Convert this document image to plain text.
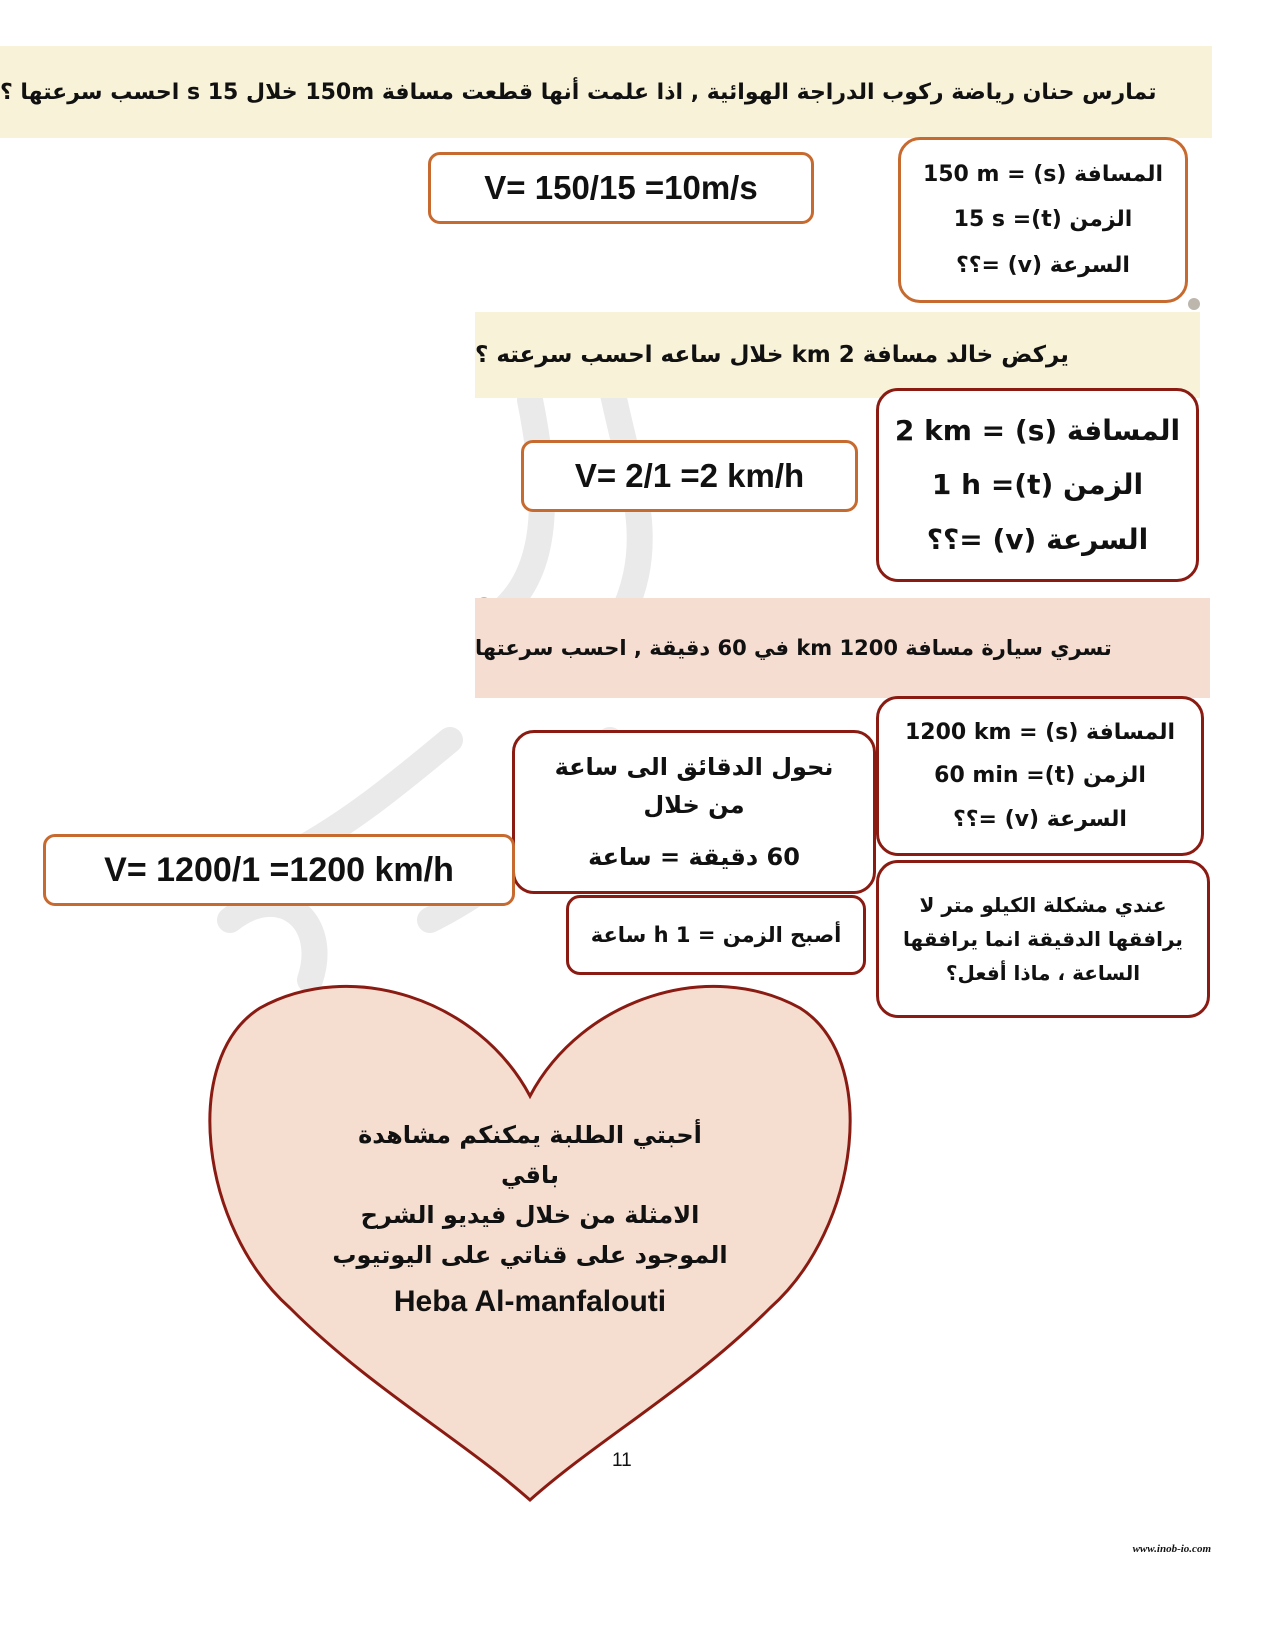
تمارس حنان رياضة ركوب الدراجة الهوائية , اذا علمت أنها قطعت مسافة 150m خلال 15 s احسب سرعتها ؟
V= 150/15 =10m/s	المسافة (s) = 150 m
الزمن (t)= 15 s
السرعة (v) =؟؟
يركض خالد مسافة 2 km خلال ساعه احسب سرعته ؟
V= 2/1 =2 km/h
المسافة (s) = 2 km
الزمن (t)= 1 h
السرعة (v) =؟؟
تسري سيارة مسافة 1200 km في 60 دقيقة , احسب سرعتها
المسافة (s) = 1200 km
الزمن (t)= 60 min
السرعة (v) =؟؟
نحول الدقائق الى ساعة من خلال
60 دقيقة = ساعة
V= 1200/1 =1200 km/h
أصبح الزمن = 1 h ساعة
عندي مشكلة الكيلو متر لا
يرافقها الدقيقة انما يرافقها
الساعة ، ماذا أفعل؟
أحبتي الطلبة يمكنكم مشاهدة باقي
الامثلة من خلال فيديو الشرح
الموجود على قناتي على اليوتيوب
Heba Al-manfalouti
11
www.inob-io.com
